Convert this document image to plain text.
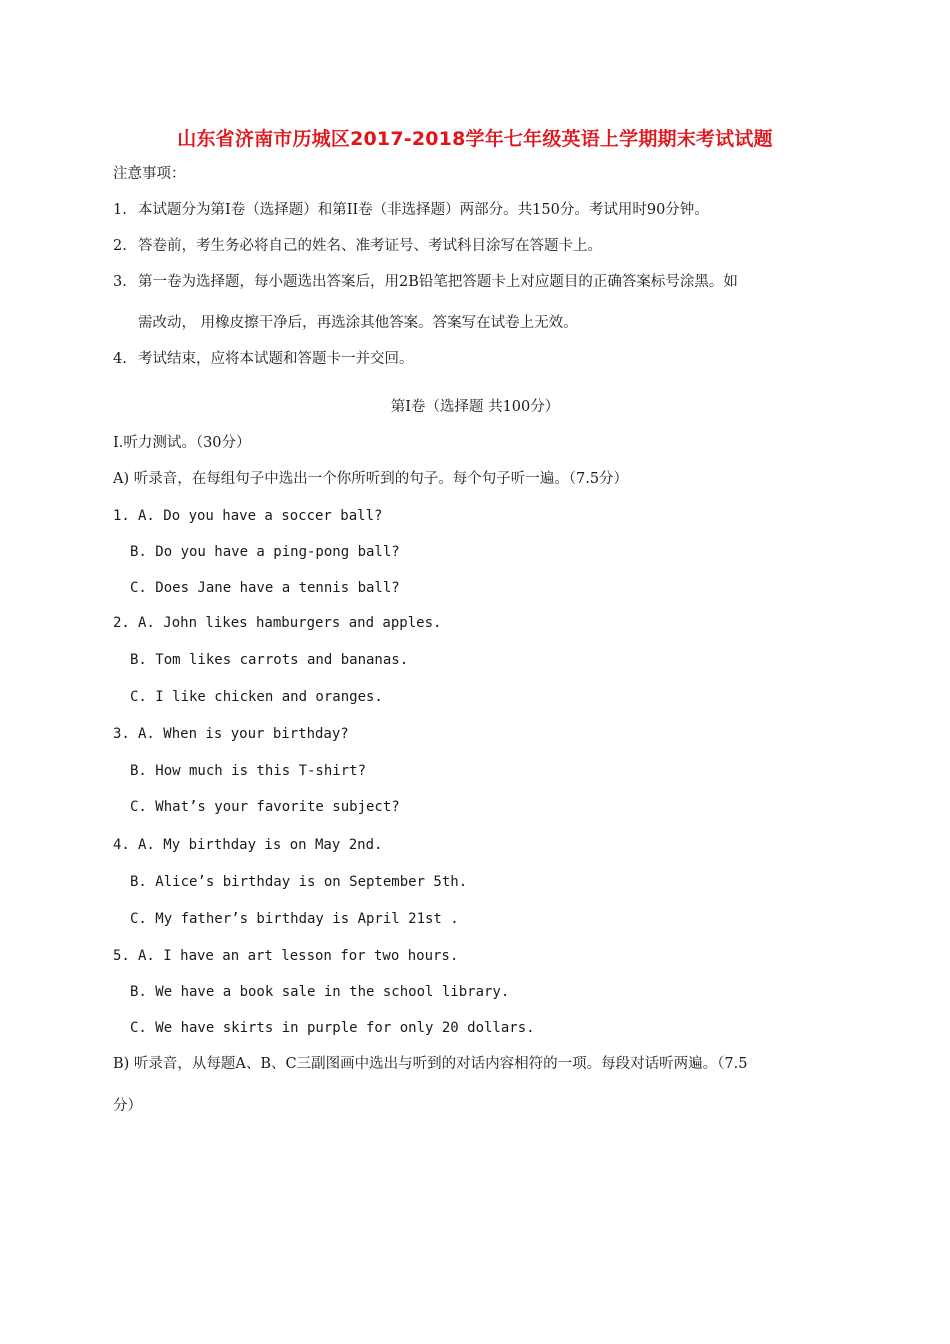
山东省济南市历城区2017-2018学年七年级英语上学期期末考试试题
注意事项：
1. 本试题分为第Ⅰ卷（选择题）和第II卷（非选择题）两部分。共150分。考试用时90分钟。
2. 答卷前，考生务必将自己的姓名、准考证号、考试科目涂写在答题卡上。
3. 第一卷为选择题，每小题选出答案后，用2B铅笔把答题卡上对应题目的正确答案标号涂黑。如
需改动， 用橡皮擦干净后，再选涂其他答案。答案写在试卷上无效。
4. 考试结束，应将本试题和答题卡一并交回。
第Ⅰ卷（选择题 共100分）
I.听力测试。（30分）
A) 听录音，在每组句子中选出一个你所听到的句子。每个句子听一遍。（7.5分）
1. A. Do you have a soccer ball?
B. Do you have a ping-pong ball?
C. Does Jane have a tennis ball?
2. A. John likes hamburgers and apples.
B. Tom likes carrots and bananas.
C. I like chicken and oranges.
3. A. When is your birthday?
B. How much is this T-shirt?
C. What’s your favorite subject?
4. A. My birthday is on May 2nd.
B. Alice’s birthday is on September 5th.
C. My father’s birthday is April 21st .
5. A. I have an art lesson for two hours.
B. We have a book sale in the school library.
C. We have skirts in purple for only 20 dollars.
B) 听录音，从每题A、B、C三副图画中选出与听到的对话内容相符的一项。每段对话听两遍。（7.5
分）
